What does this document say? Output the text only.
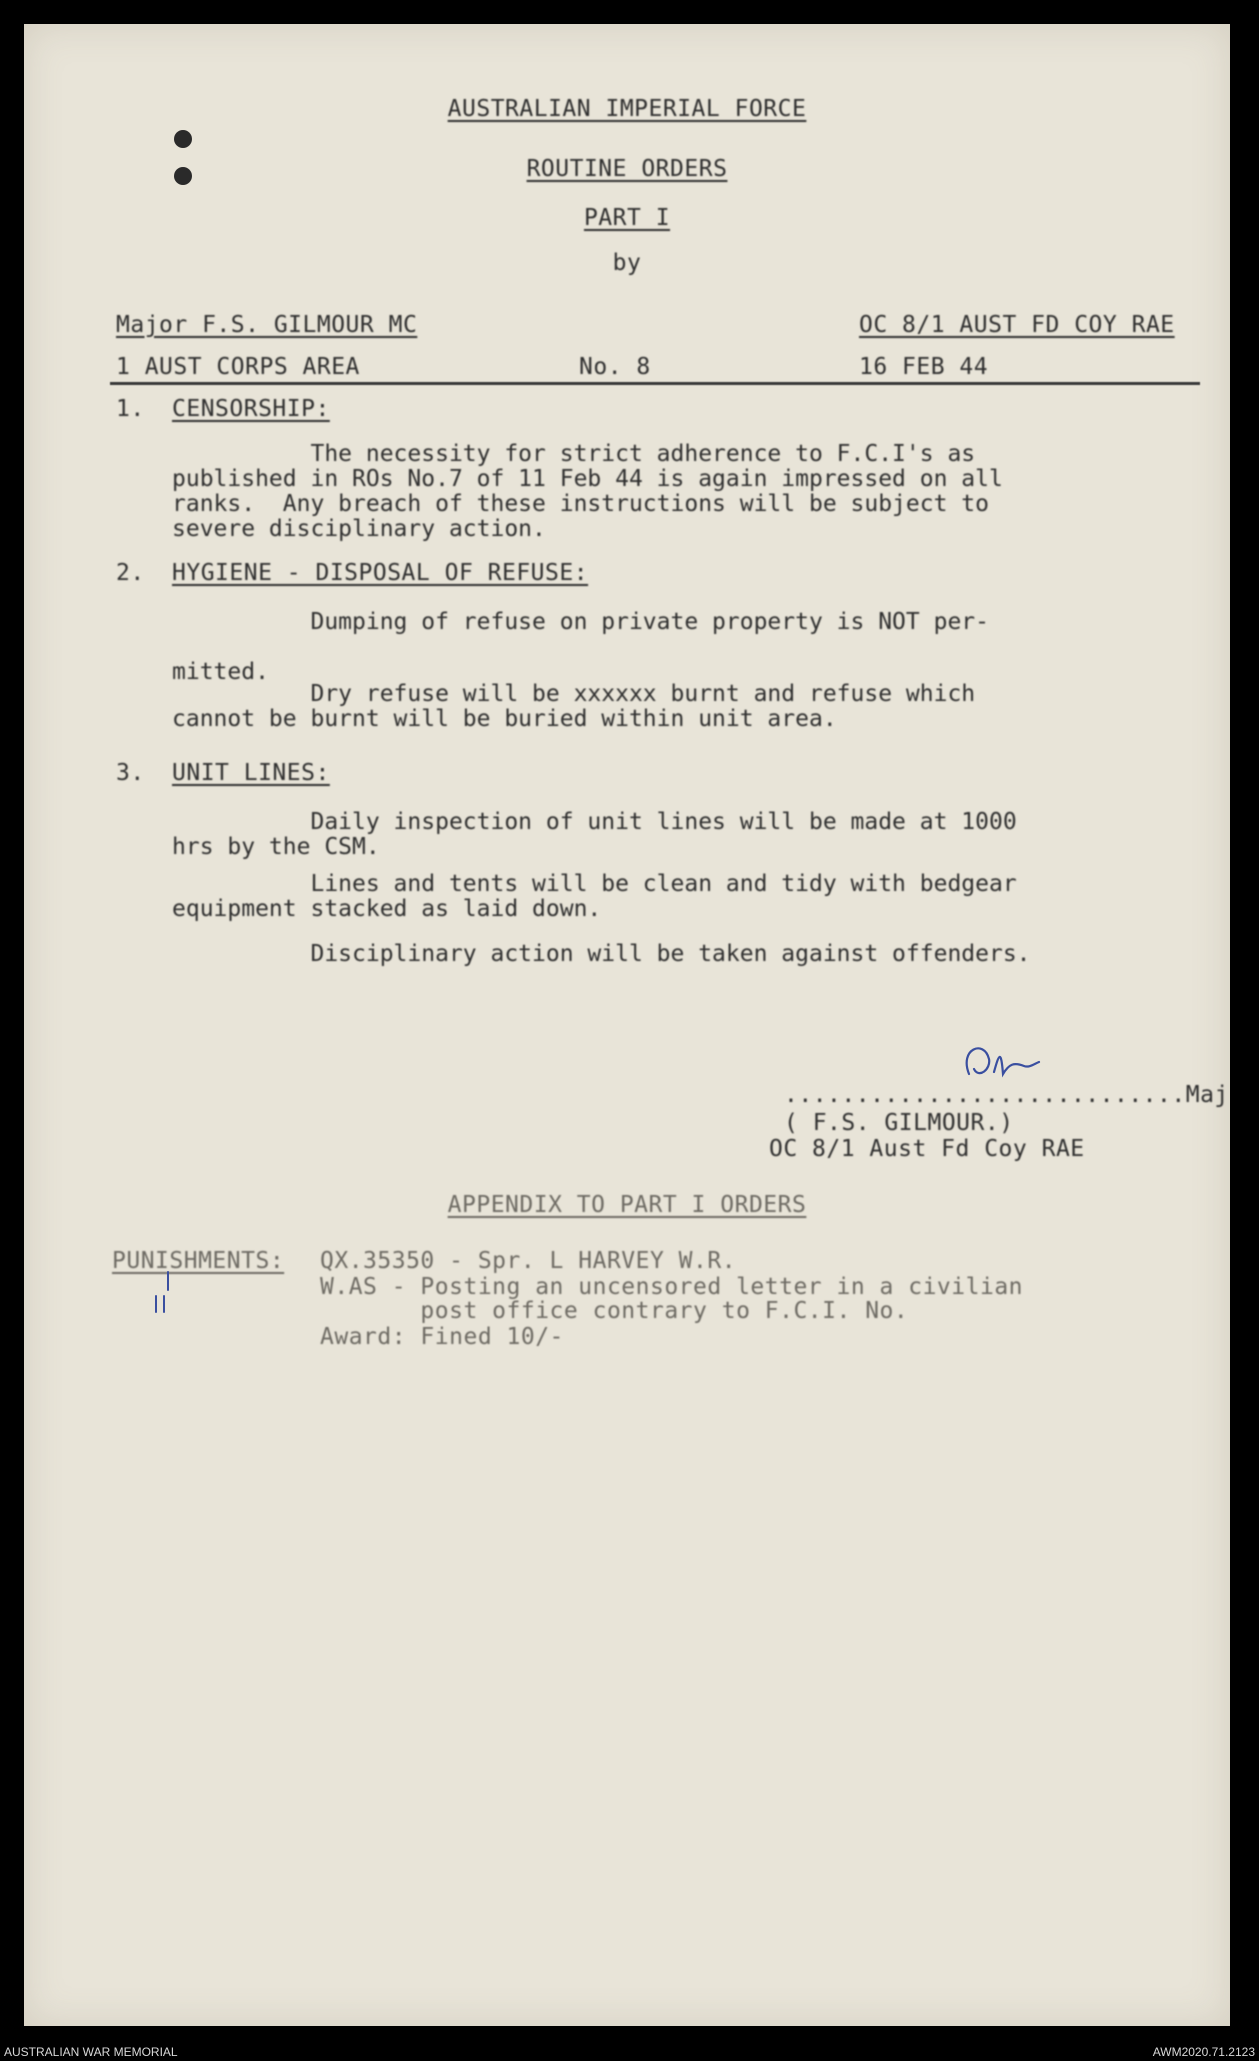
AUSTRALIAN IMPERIAL FORCE
ROUTINE ORDERS
PART I
by
Major F.S. GILMOUR MC	OC 8/1 AUST FD COY RAE
1 AUST CORPS AREA	No. 8	16 FEB 44
1. CENSORSHIP:
The necessity for strict adherence to F.C.I's as
published in ROs No.7 of 11 Feb 44 is again impressed on all
ranks.  Any breach of these instructions will be subject to
severe disciplinary action.
2. HYGIENE - DISPOSAL OF REFUSE:
Dumping of refuse on private property is NOT per-

mitted.
Dry refuse will be xxxxxx burnt and refuse which
cannot be burnt will be buried within unit area.
3. UNIT LINES:
Daily inspection of unit lines will be made at 1000
hrs by the CSM.
Lines and tents will be clean and tidy with bedgear
equipment stacked as laid down.
Disciplinary action will be taken against offenders.
............................Maj
( F.S. GILMOUR.)
OC 8/1 Aust Fd Coy RAE
APPENDIX TO PART I ORDERS
PUNISHMENTS: QX.35350 - Spr. L HARVEY W.R.
W.AS - Posting an uncensored letter in a civilian
post office contrary to F.C.I. No.
Award: Fined 10/-
AUSTRALIAN WAR MEMORIAL	AWM2020.71.2123
